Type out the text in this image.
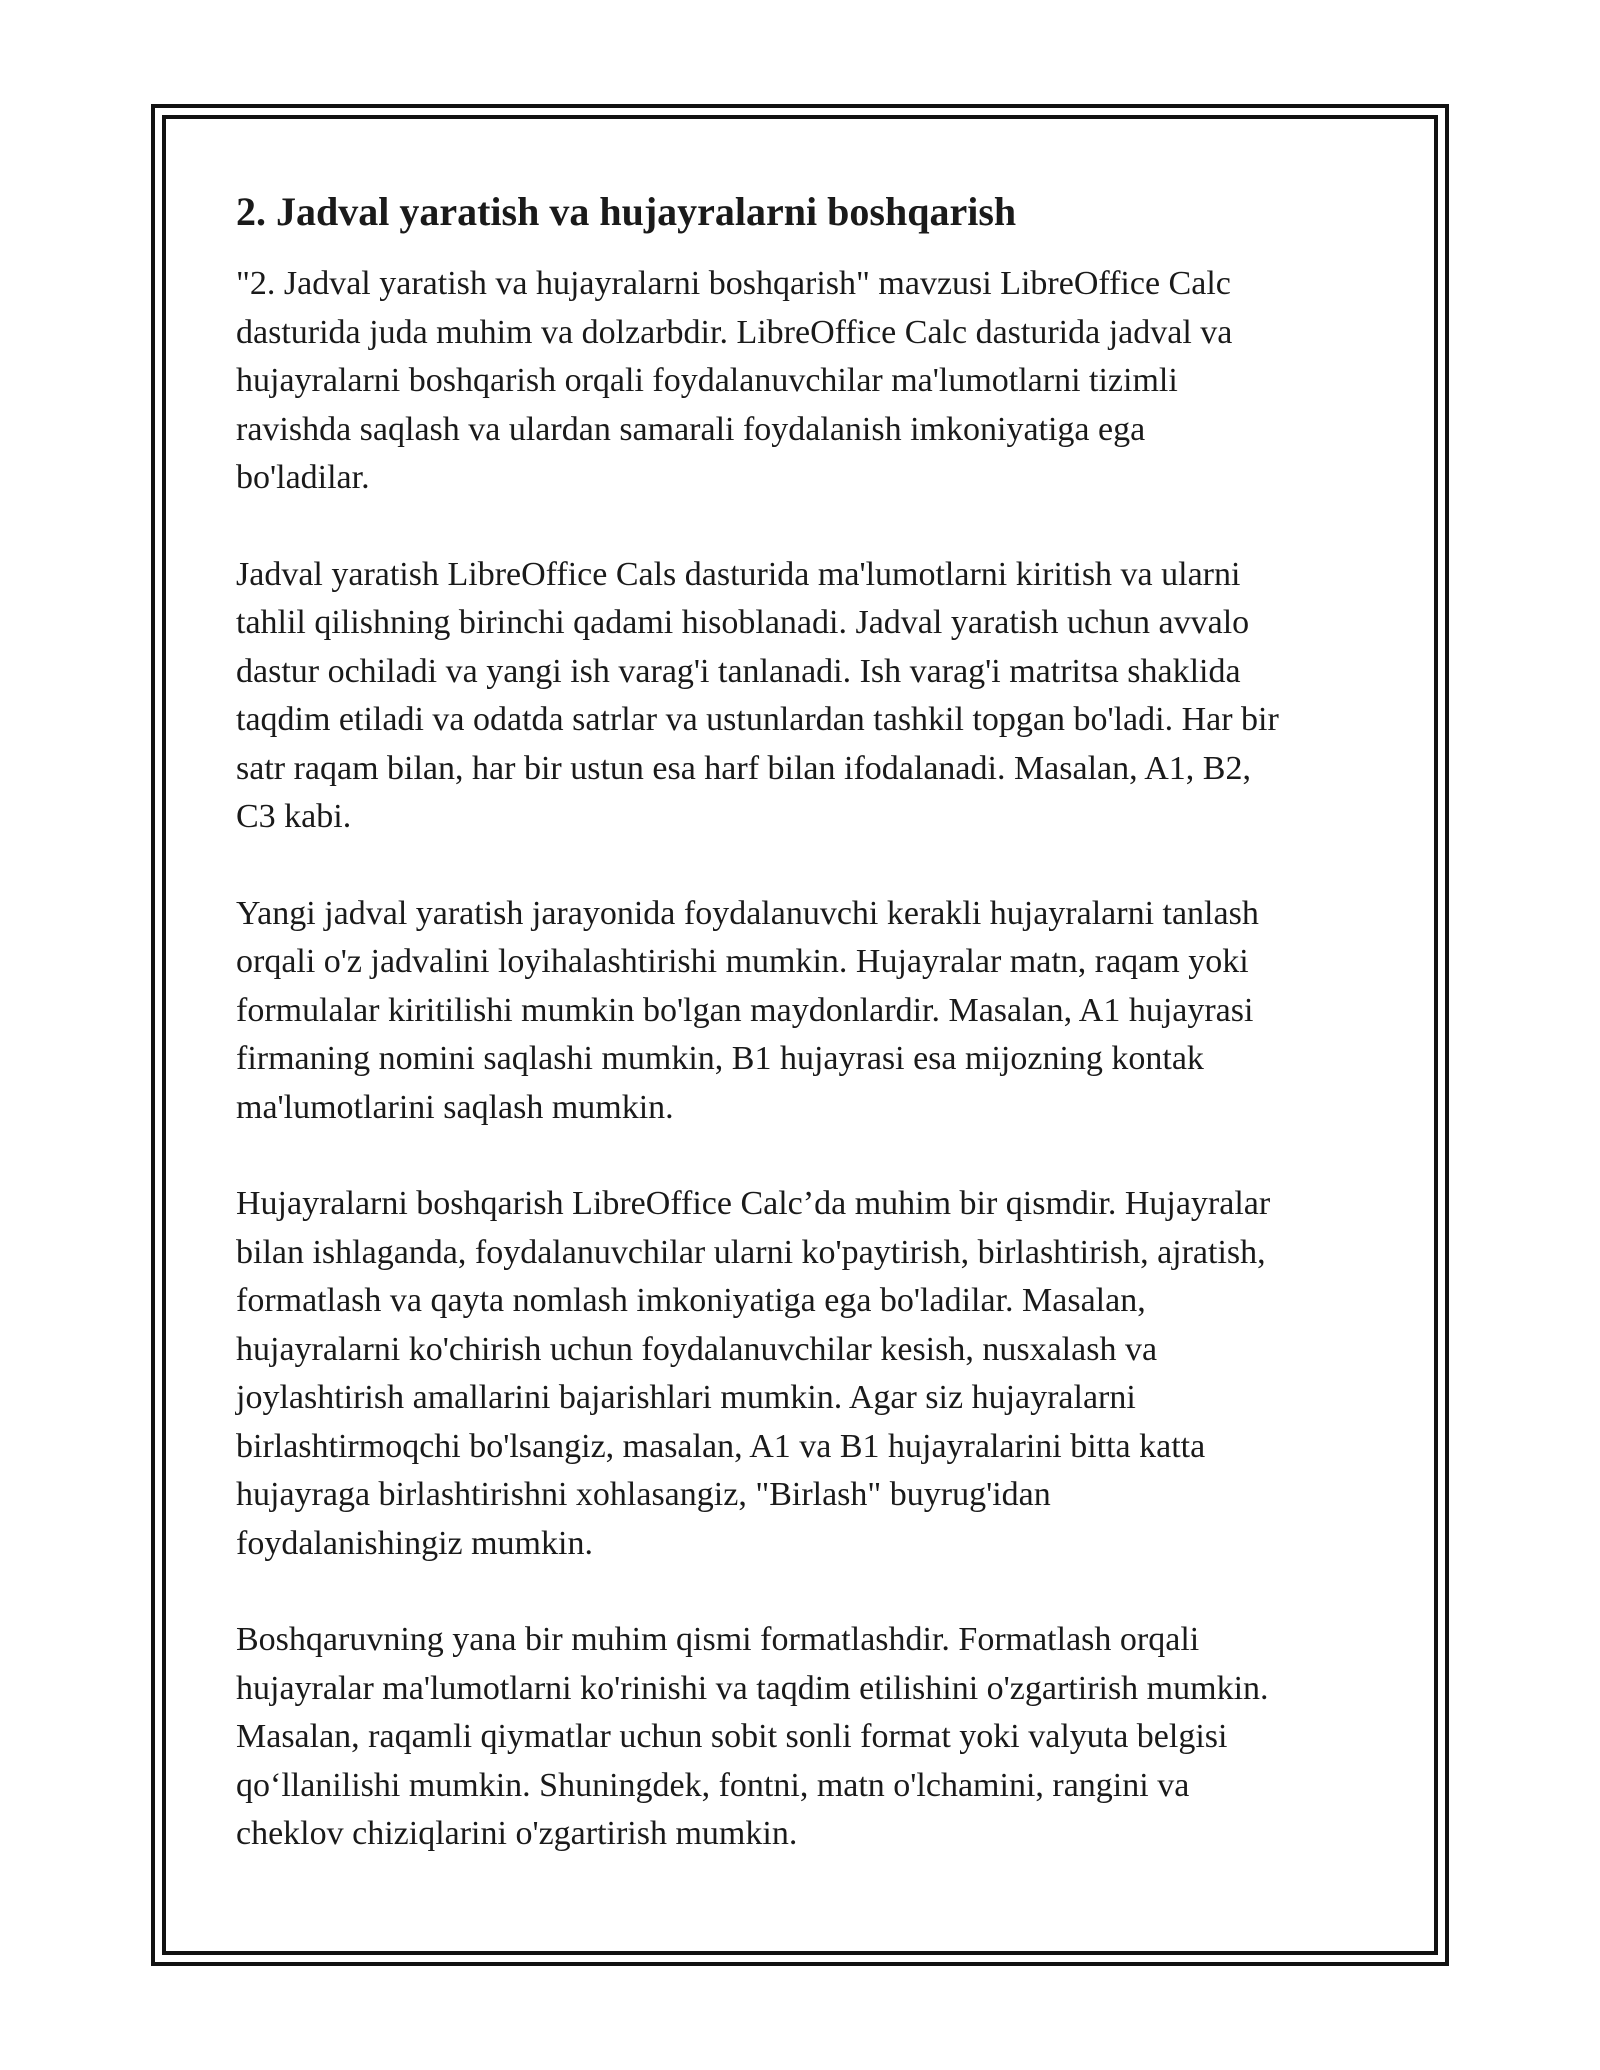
2. Jadval yaratish va hujayralarni boshqarish

"2. Jadval yaratish va hujayralarni boshqarish" mavzusi LibreOffice Calc
dasturida juda muhim va dolzarbdir. LibreOffice Calc dasturida jadval va
hujayralarni boshqarish orqali foydalanuvchilar ma'lumotlarni tizimli
ravishda saqlash va ulardan samarali foydalanish imkoniyatiga ega
bo'ladilar.

Jadval yaratish LibreOffice Cals dasturida ma'lumotlarni kiritish va ularni
tahlil qilishning birinchi qadami hisoblanadi. Jadval yaratish uchun avvalo
dastur ochiladi va yangi ish varag'i tanlanadi. Ish varag'i matritsa shaklida
taqdim etiladi va odatda satrlar va ustunlardan tashkil topgan bo'ladi. Har bir
satr raqam bilan, har bir ustun esa harf bilan ifodalanadi. Masalan, A1, B2,
C3 kabi.

Yangi jadval yaratish jarayonida foydalanuvchi kerakli hujayralarni tanlash
orqali o'z jadvalini loyihalashtirishi mumkin. Hujayralar matn, raqam yoki
formulalar kiritilishi mumkin bo'lgan maydonlardir. Masalan, A1 hujayrasi
firmaning nomini saqlashi mumkin, B1 hujayrasi esa mijozning kontak
ma'lumotlarini saqlash mumkin.

Hujayralarni boshqarish LibreOffice Calc’da muhim bir qismdir. Hujayralar
bilan ishlaganda, foydalanuvchilar ularni ko'paytirish, birlashtirish, ajratish,
formatlash va qayta nomlash imkoniyatiga ega bo'ladilar. Masalan,
hujayralarni ko'chirish uchun foydalanuvchilar kesish, nusxalash va
joylashtirish amallarini bajarishlari mumkin. Agar siz hujayralarni
birlashtirmoqchi bo'lsangiz, masalan, A1 va B1 hujayralarini bitta katta
hujayraga birlashtirishni xohlasangiz, "Birlash" buyrug'idan
foydalanishingiz mumkin.

Boshqaruvning yana bir muhim qismi formatlashdir. Formatlash orqali
hujayralar ma'lumotlarni ko'rinishi va taqdim etilishini o'zgartirish mumkin.
Masalan, raqamli qiymatlar uchun sobit sonli format yoki valyuta belgisi
qo‘llanilishi mumkin. Shuningdek, fontni, matn o'lchamini, rangini va
cheklov chiziqlarini o'zgartirish mumkin.
